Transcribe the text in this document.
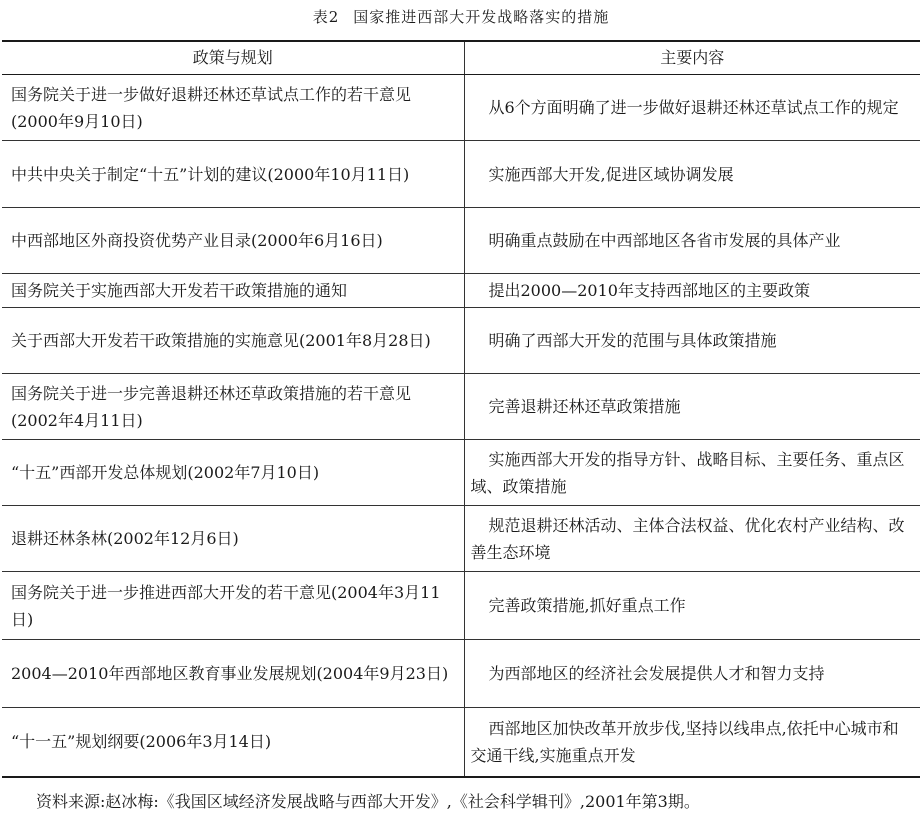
表2 国家推进西部大开发战略落实的措施
政策与规划	主要内容
国务院关于进一步做好退耕还林还草试点工作的若干意见(2000年9月10日)	从6个方面明确了进一步做好退耕还林还草试点工作的规定
中共中央关于制定“十五”计划的建议(2000年10月11日)	实施西部大开发,促进区域协调发展
中西部地区外商投资优势产业目录(2000年6月16日)	明确重点鼓励在中西部地区各省市发展的具体产业
国务院关于实施西部大开发若干政策措施的通知	提出2000—2010年支持西部地区的主要政策
关于西部大开发若干政策措施的实施意见(2001年8月28日)	明确了西部大开发的范围与具体政策措施
国务院关于进一步完善退耕还林还草政策措施的若干意见(2002年4月11日)	完善退耕还林还草政策措施
“十五”西部开发总体规划(2002年7月10日)	实施西部大开发的指导方针、战略目标、主要任务、重点区域、政策措施
退耕还林条林(2002年12月6日)	规范退耕还林活动、主体合法权益、优化农村产业结构、改善生态环境
国务院关于进一步推进西部大开发的若干意见(2004年3月11日)	完善政策措施,抓好重点工作
2004—2010年西部地区教育事业发展规划(2004年9月23日)	为西部地区的经济社会发展提供人才和智力支持
“十一五”规划纲要(2006年3月14日)	西部地区加快改革开放步伐,坚持以线串点,依托中心城市和交通干线,实施重点开发
资料来源:赵冰梅:《我国区域经济发展战略与西部大开发》,《社会科学辑刊》,2001年第3期。
